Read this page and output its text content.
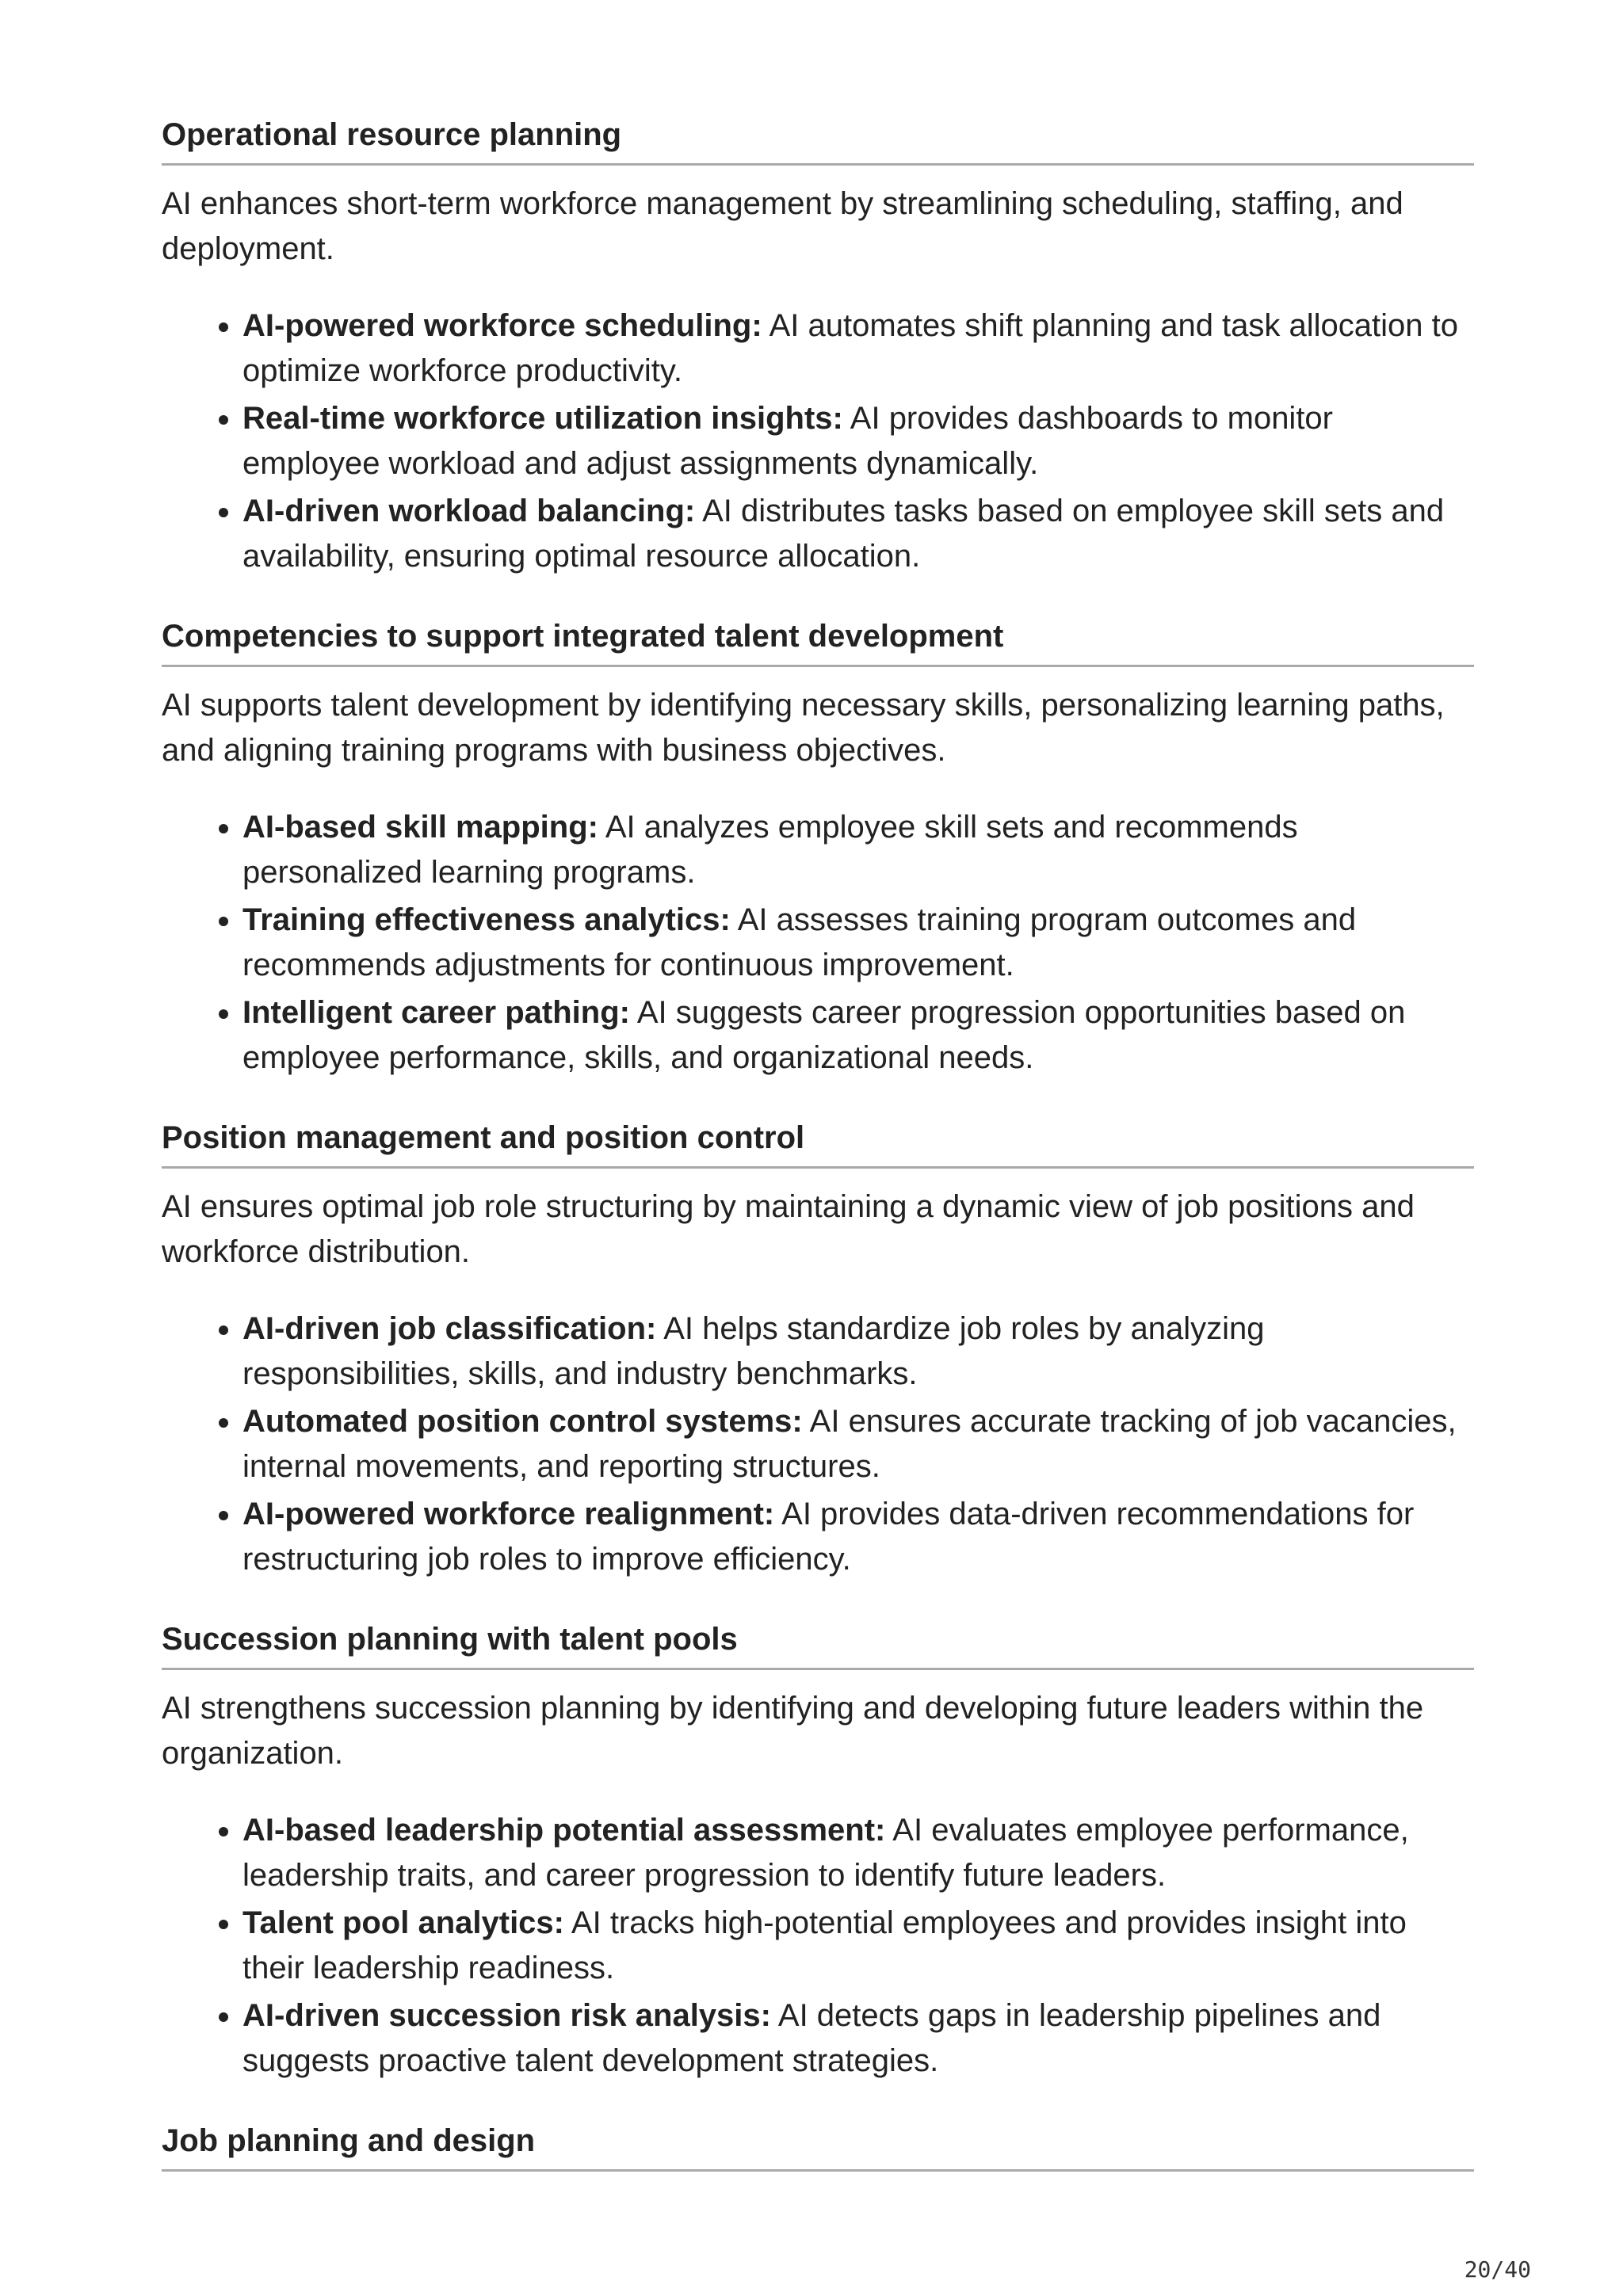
Operational resource planning

AI enhances short-term workforce management by streamlining scheduling, staffing, and deployment.

• AI-powered workforce scheduling: AI automates shift planning and task allocation to optimize workforce productivity.
• Real-time workforce utilization insights: AI provides dashboards to monitor employee workload and adjust assignments dynamically.
• AI-driven workload balancing: AI distributes tasks based on employee skill sets and availability, ensuring optimal resource allocation.
Competencies to support integrated talent development

AI supports talent development by identifying necessary skills, personalizing learning paths, and aligning training programs with business objectives.

• AI-based skill mapping: AI analyzes employee skill sets and recommends personalized learning programs.
• Training effectiveness analytics: AI assesses training program outcomes and recommends adjustments for continuous improvement.
• Intelligent career pathing: AI suggests career progression opportunities based on employee performance, skills, and organizational needs.
Position management and position control

AI ensures optimal job role structuring by maintaining a dynamic view of job positions and workforce distribution.

• AI-driven job classification: AI helps standardize job roles by analyzing responsibilities, skills, and industry benchmarks.
• Automated position control systems: AI ensures accurate tracking of job vacancies, internal movements, and reporting structures.
• AI-powered workforce realignment: AI provides data-driven recommendations for restructuring job roles to improve efficiency.
Succession planning with talent pools

AI strengthens succession planning by identifying and developing future leaders within the organization.

• AI-based leadership potential assessment: AI evaluates employee performance, leadership traits, and career progression to identify future leaders.
• Talent pool analytics: AI tracks high-potential employees and provides insight into their leadership readiness.
• AI-driven succession risk analysis: AI detects gaps in leadership pipelines and suggests proactive talent development strategies.
Job planning and design
20/40
